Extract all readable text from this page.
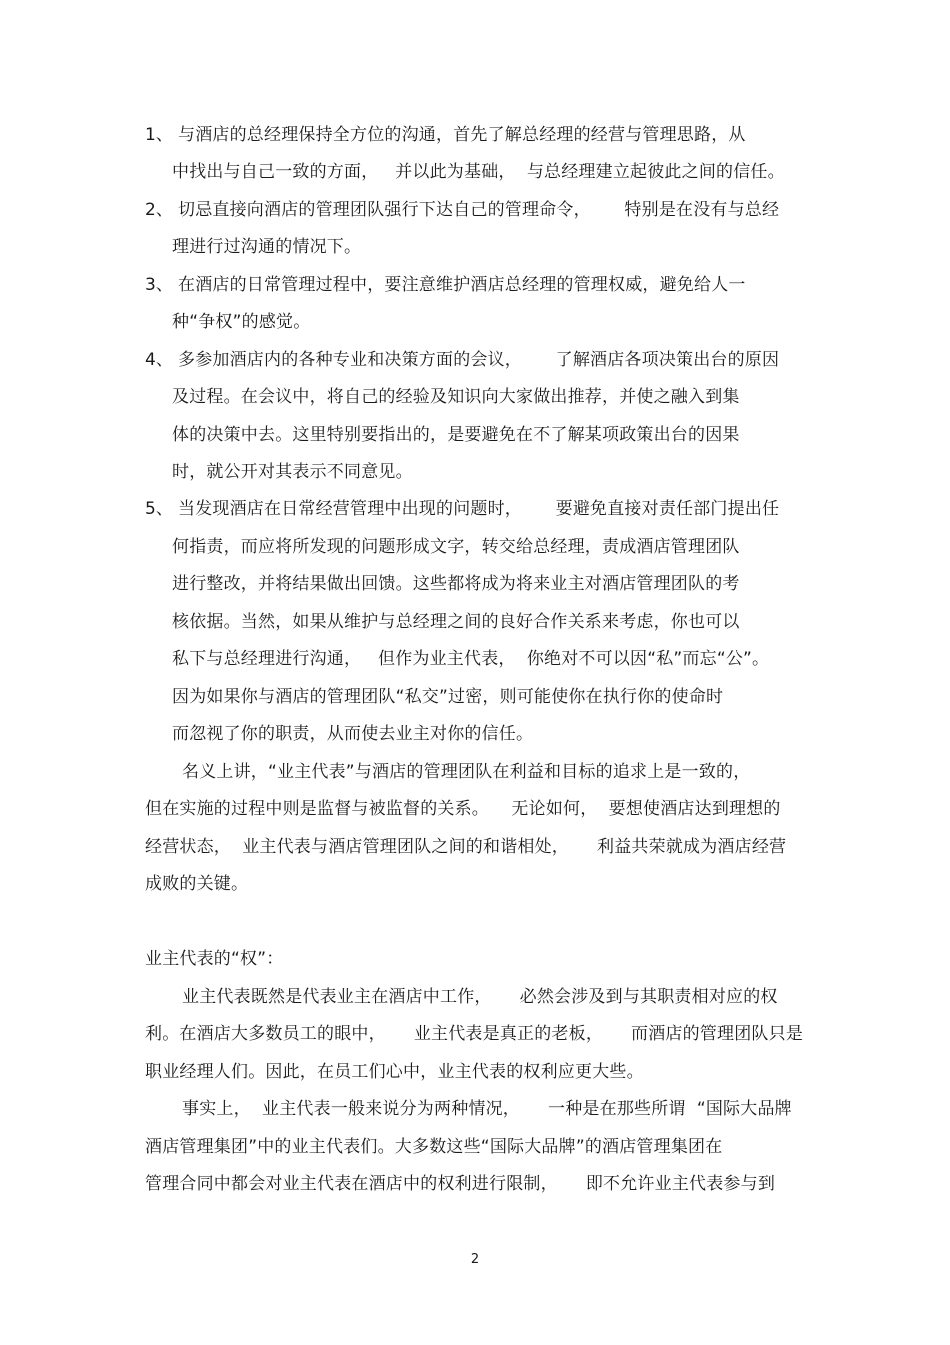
1、 与酒店的总经理保持全方位的沟通，首先了解总经理的经营与管理思路，从
中找出与自己一致的方面，   并以此为基础，  与总经理建立起彼此之间的信任。
2、 切忌直接向酒店的管理团队强行下达自己的管理命令，      特别是在没有与总经
理进行过沟通的情况下。
3、 在酒店的日常管理过程中，要注意维护酒店总经理的管理权威，避免给人一
种“争权”的感觉。
4、 多参加酒店内的各种专业和决策方面的会议，      了解酒店各项决策出台的原因
及过程。在会议中，将自己的经验及知识向大家做出推荐，并使之融入到集
体的决策中去。这里特别要指出的，是要避免在不了解某项政策出台的因果
时，就公开对其表示不同意见。
5、 当发现酒店在日常经营管理中出现的问题时，      要避免直接对责任部门提出任
何指责，而应将所发现的问题形成文字，转交给总经理，责成酒店管理团队
进行整改，并将结果做出回馈。这些都将成为将来业主对酒店管理团队的考
核依据。当然，如果从维护与总经理之间的良好合作关系来考虑，你也可以
私下与总经理进行沟通，   但作为业主代表，  你绝对不可以因“私”而忘“公”。
因为如果你与酒店的管理团队“私交”过密，则可能使你在执行你的使命时
而忽视了你的职责，从而使去业主对你的信任。
名义上讲，“业主代表”与酒店的管理团队在利益和目标的追求上是一致的，
但在实施的过程中则是监督与被监督的关系。    无论如何，  要想使酒店达到理想的
经营状态，  业主代表与酒店管理团队之间的和谐相处，     利益共荣就成为酒店经营
成败的关键。
业主代表的“权”：
业主代表既然是代表业主在酒店中工作，     必然会涉及到与其职责相对应的权
利。在酒店大多数员工的眼中，     业主代表是真正的老板，     而酒店的管理团队只是
职业经理人们。因此，在员工们心中，业主代表的权利应更大些。
事实上，  业主代表一般来说分为两种情况，     一种是在那些所谓  “国际大品牌
酒店管理集团”中的业主代表们。大多数这些“国际大品牌”的酒店管理集团在
管理合同中都会对业主代表在酒店中的权利进行限制，     即不允许业主代表参与到
2
